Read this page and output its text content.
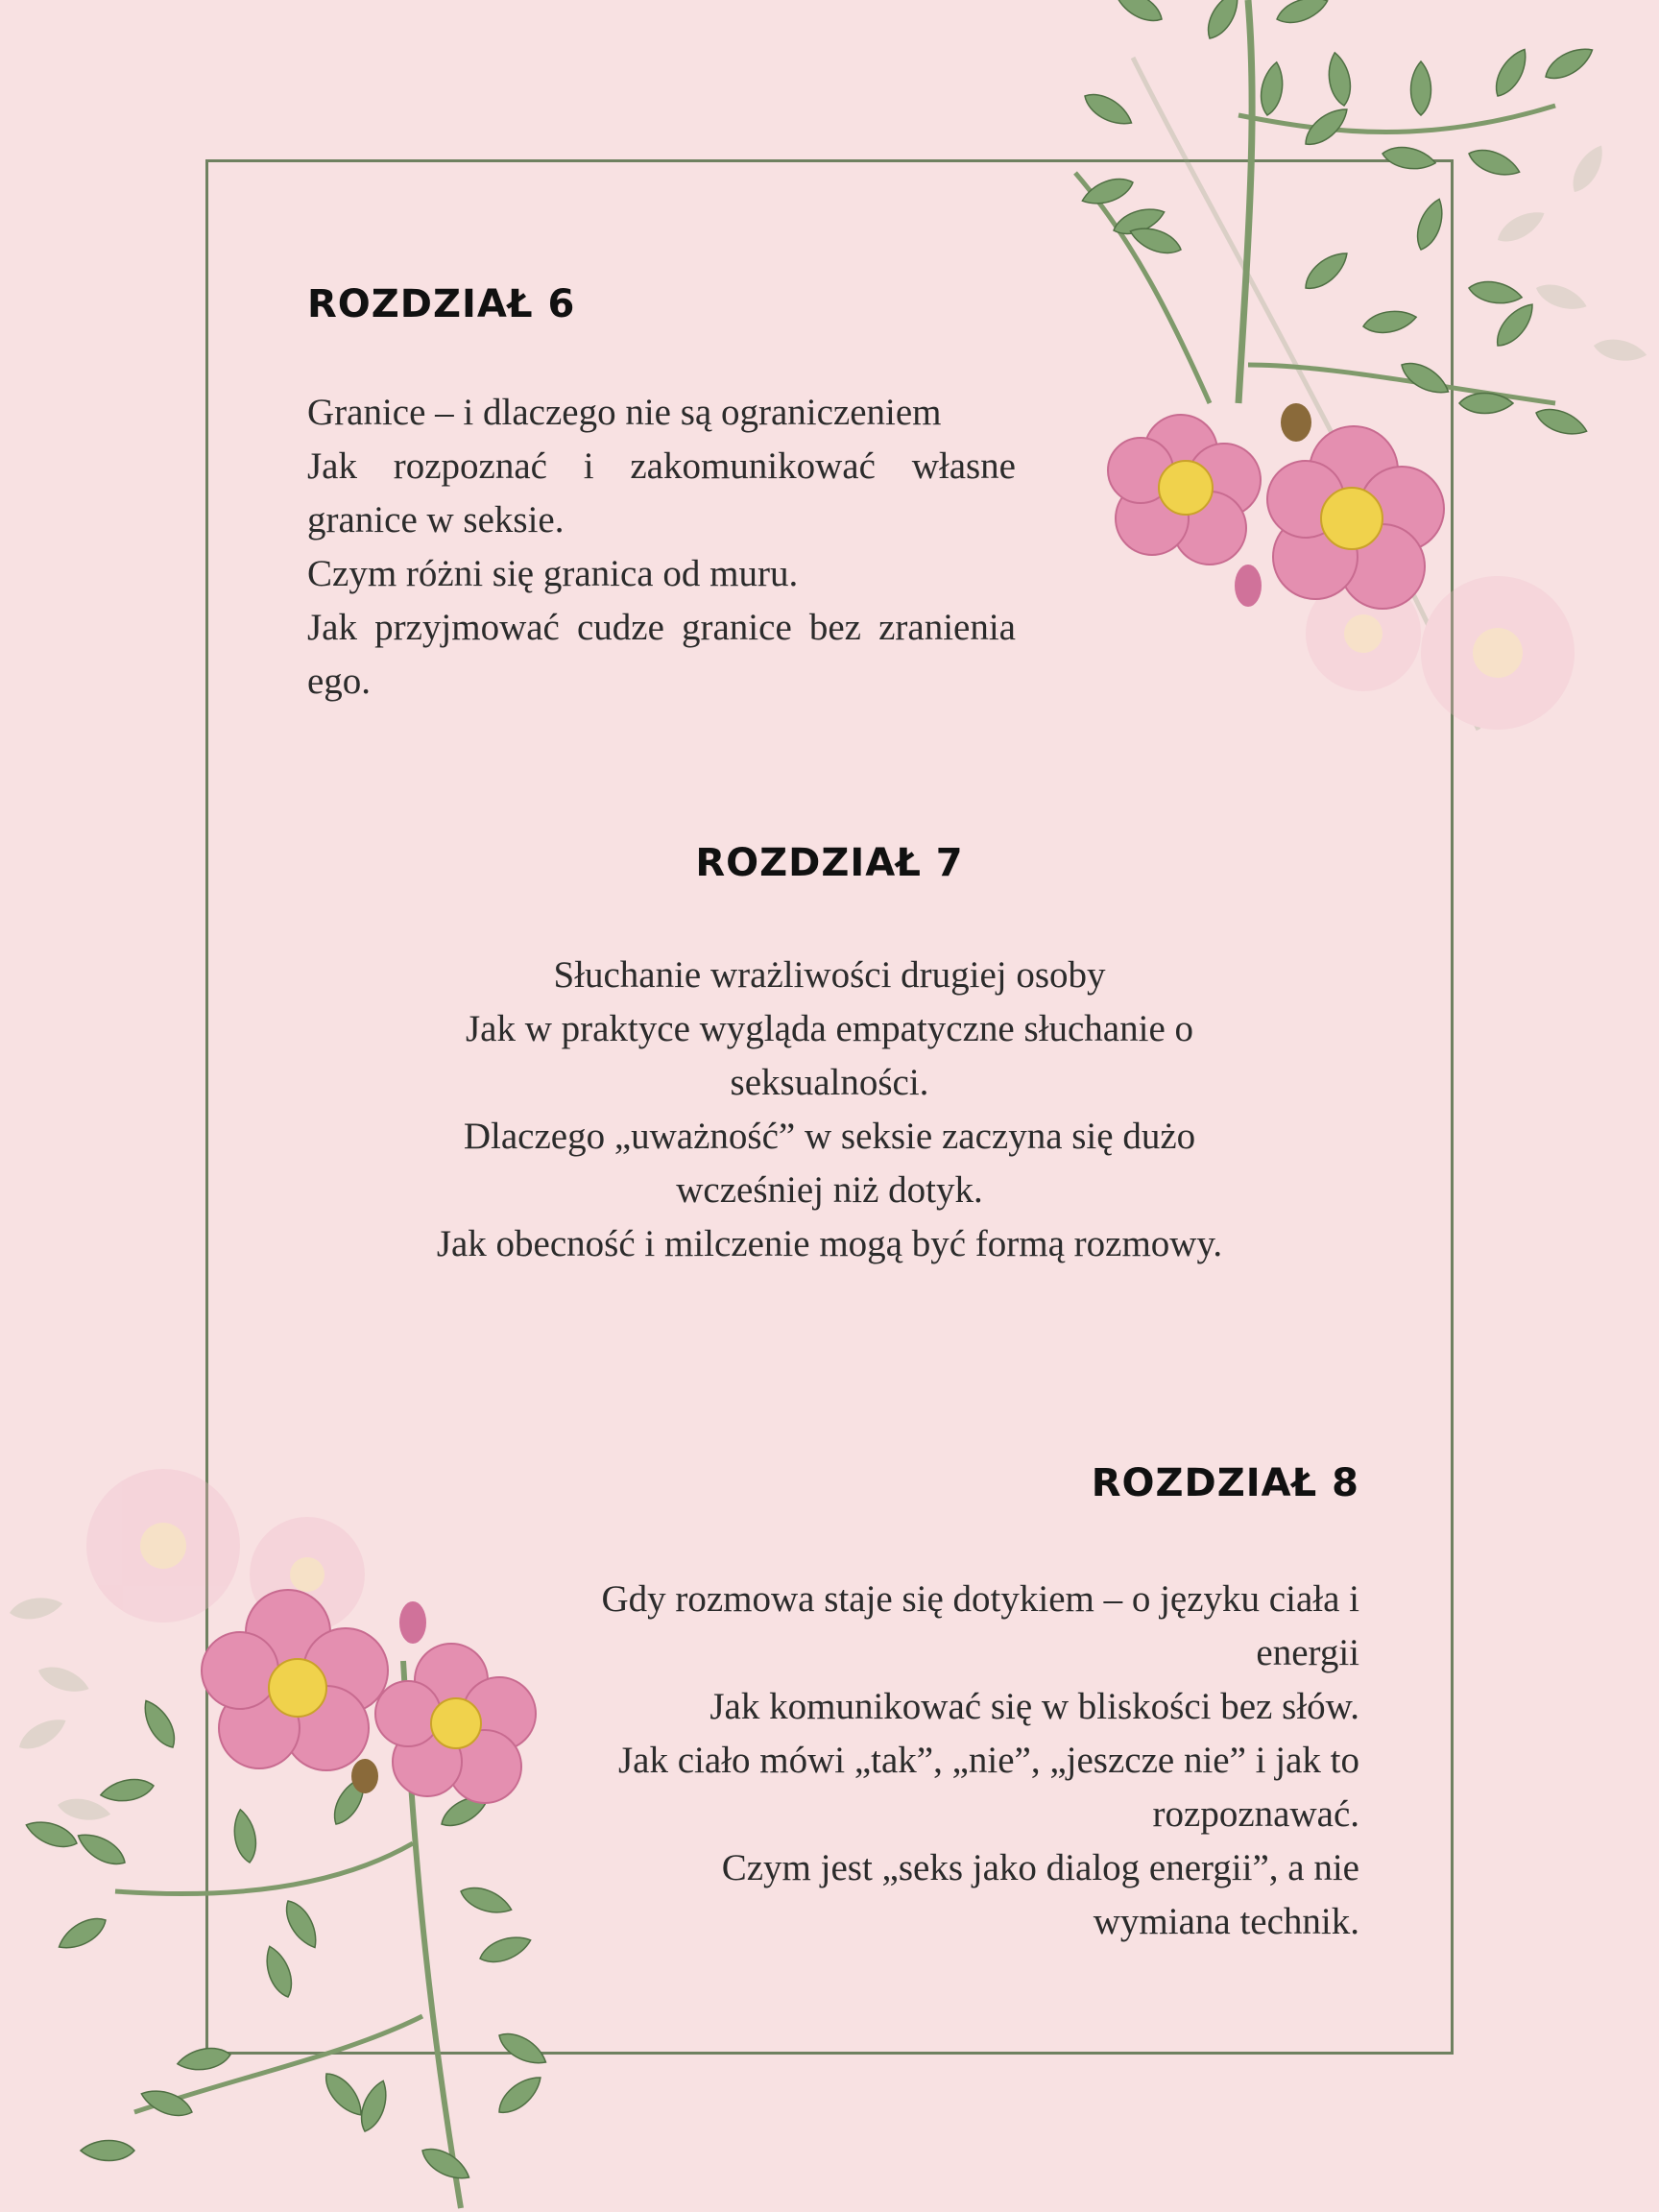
ROZDZIAŁ 6
Granice – i dlaczego nie są ograniczeniem
Jak rozpoznać i zakomunikować własne granice w seksie.
Czym różni się granica od muru.
Jak przyjmować cudze granice bez zranienia ego.
ROZDZIAŁ 7
Słuchanie wrażliwości drugiej osoby
Jak w praktyce wygląda empatyczne słuchanie o seksualności.
Dlaczego „uważność” w seksie zaczyna się dużo wcześniej niż dotyk.
Jak obecność i milczenie mogą być formą rozmowy.
ROZDZIAŁ 8
Gdy rozmowa staje się dotykiem – o języku ciała i energii
Jak komunikować się w bliskości bez słów.
Jak ciało mówi „tak”, „nie”, „jeszcze nie” i jak to rozpoznawać.
Czym jest „seks jako dialog energii”, a nie wymiana technik.
